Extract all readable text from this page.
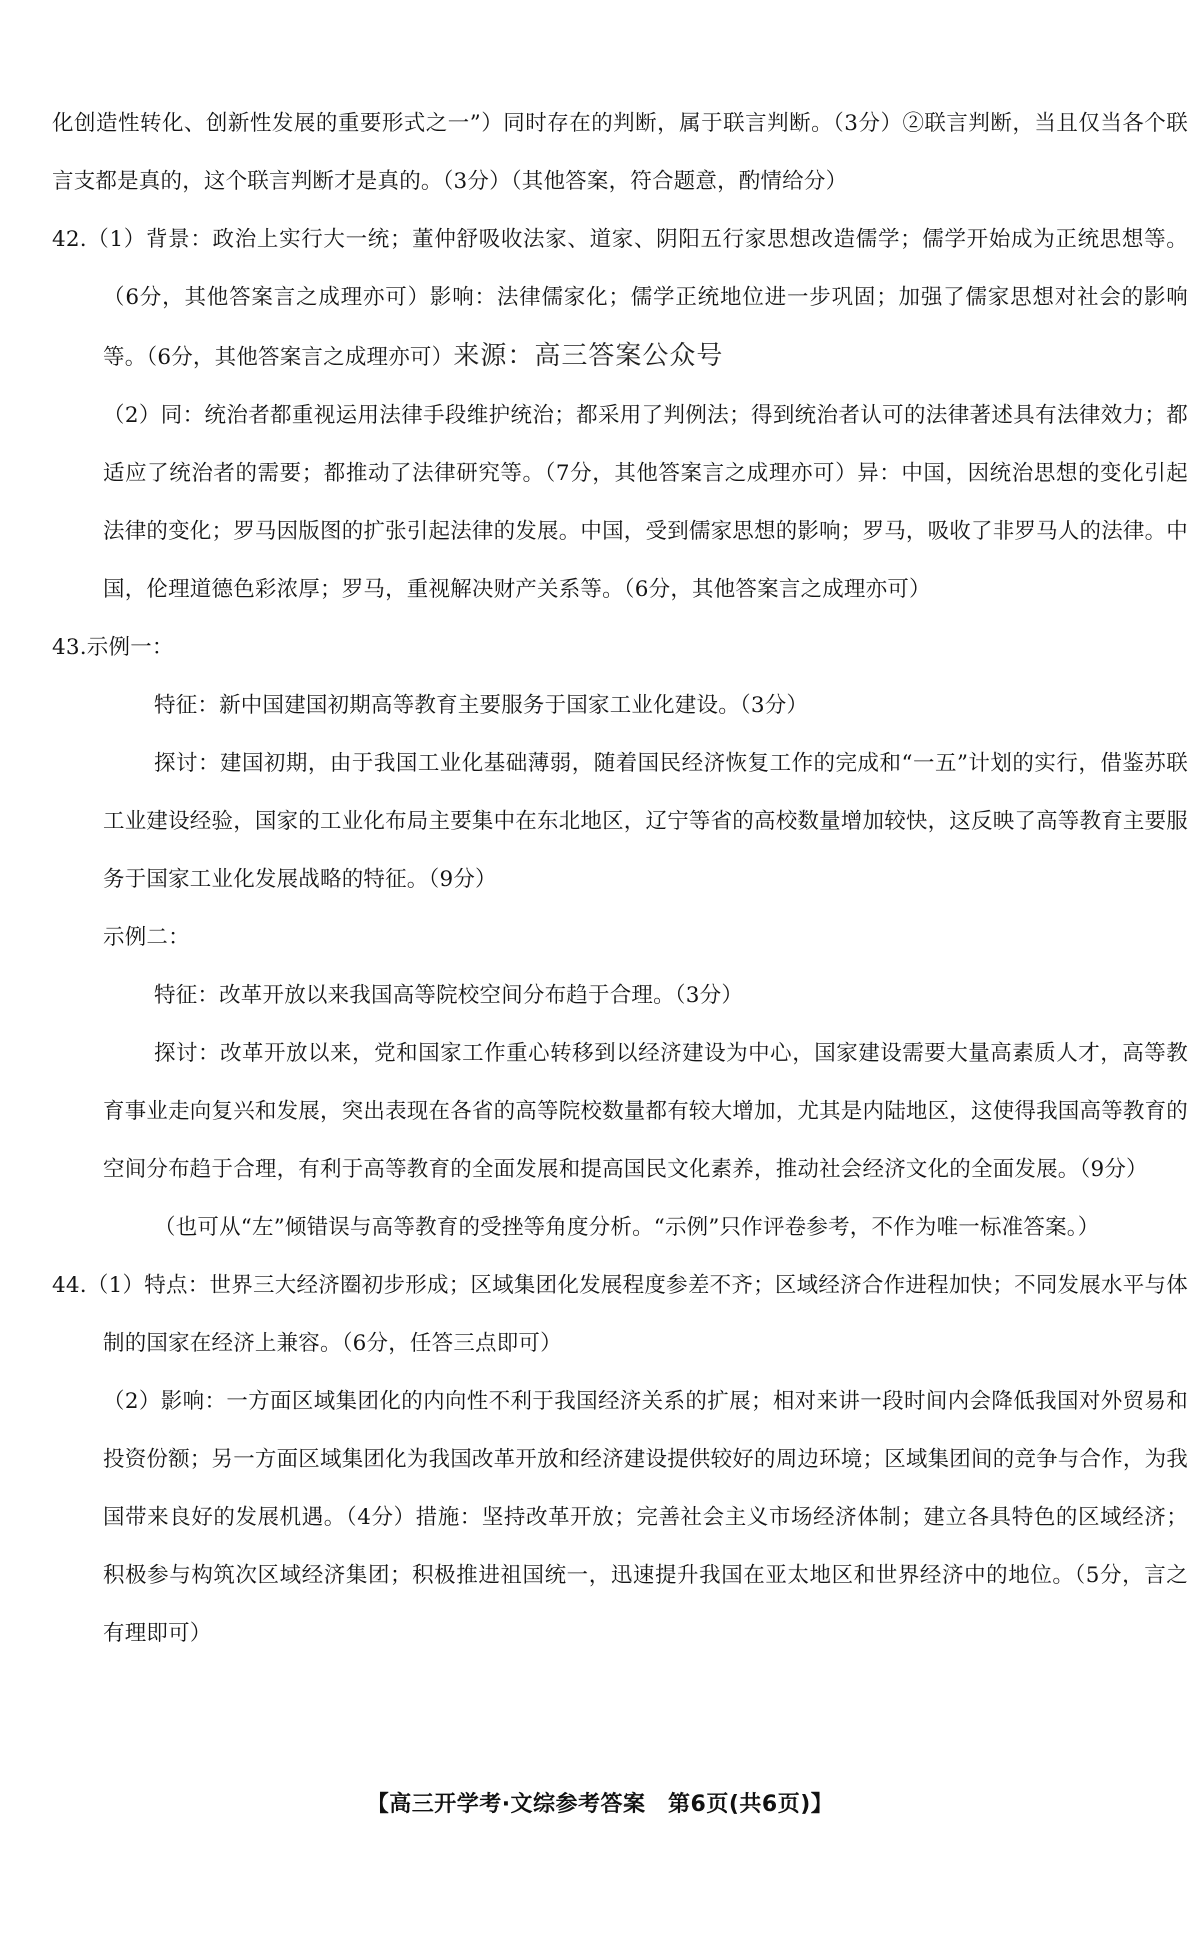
化创造性转化、创新性发展的重要形式之一”）同时存在的判断，属于联言判断。（3分）②联言判断，当且仅当各个联言支都是真的，这个联言判断才是真的。（3分）（其他答案，符合题意，酌情给分）

42.（1）背景：政治上实行大一统；董仲舒吸收法家、道家、阴阳五行家思想改造儒学；儒学开始成为正统思想等。（6分，其他答案言之成理亦可）影响：法律儒家化；儒学正统地位进一步巩固；加强了儒家思想对社会的影响等。（6分，其他答案言之成理亦可）来源：高三答案公众号

（2）同：统治者都重视运用法律手段维护统治；都采用了判例法；得到统治者认可的法律著述具有法律效力；都适应了统治者的需要；都推动了法律研究等。（7分，其他答案言之成理亦可）异：中国，因统治思想的变化引起法律的变化；罗马因版图的扩张引起法律的发展。中国，受到儒家思想的影响；罗马，吸收了非罗马人的法律。中国，伦理道德色彩浓厚；罗马，重视解决财产关系等。（6分，其他答案言之成理亦可）

43.示例一：

特征：新中国建国初期高等教育主要服务于国家工业化建设。（3分）

探讨：建国初期，由于我国工业化基础薄弱，随着国民经济恢复工作的完成和“一五”计划的实行，借鉴苏联工业建设经验，国家的工业化布局主要集中在东北地区，辽宁等省的高校数量增加较快，这反映了高等教育主要服务于国家工业化发展战略的特征。（9分）

示例二：

特征：改革开放以来我国高等院校空间分布趋于合理。（3分）

探讨：改革开放以来，党和国家工作重心转移到以经济建设为中心，国家建设需要大量高素质人才，高等教育事业走向复兴和发展，突出表现在各省的高等院校数量都有较大增加，尤其是内陆地区，这使得我国高等教育的空间分布趋于合理，有利于高等教育的全面发展和提高国民文化素养，推动社会经济文化的全面发展。（9分）

（也可从“左”倾错误与高等教育的受挫等角度分析。“示例”只作评卷参考，不作为唯一标准答案。）

44.（1）特点：世界三大经济圈初步形成；区域集团化发展程度参差不齐；区域经济合作进程加快；不同发展水平与体制的国家在经济上兼容。（6分，任答三点即可）

（2）影响：一方面区域集团化的内向性不利于我国经济关系的扩展；相对来讲一段时间内会降低我国对外贸易和投资份额；另一方面区域集团化为我国改革开放和经济建设提供较好的周边环境；区域集团间的竞争与合作，为我国带来良好的发展机遇。（4分）措施：坚持改革开放；完善社会主义市场经济体制；建立各具特色的区域经济；积极参与构筑次区域经济集团；积极推进祖国统一，迅速提升我国在亚太地区和世界经济中的地位。（5分，言之有理即可）

【高三开学考·文综参考答案　第6页(共6页)】
